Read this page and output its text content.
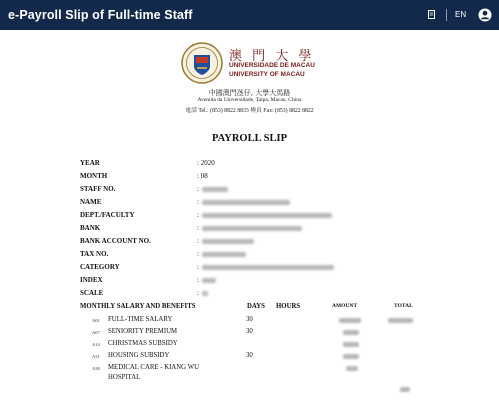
e-Payroll Slip of Full-time Staff	EN
澳 門 大 學
UNIVERSIDADE DE MACAU
UNIVERSITY OF MACAU
中國澳門氹仔, 大學大馬路
Avenida da Universidade, Taipa, Macau, China
電話 Tel.: (853) 8822 8833 傳真 Fax: (853) 8822 8822
PAYROLL SLIP
YEAR	: 2020
MONTH	: 08
STAFF NO.	:
NAME	:
DEPT./FACULTY	:
BANK	:
BANK ACCOUNT NO.	:
TAX NO.	:
CATEGORY	:
INDEX	:
SCALE	:
MONTHLY SALARY AND BENEFITS	DAYS HOURS	AMOUNT	TOTAL
A01 FULL-TIME SALARY	30
A07 SENIORITY PREMIUM	30
A14 CHRISTMAS SUBSIDY
A31 HOUSING SUBSIDY	30
A38 MEDICAL CARE - KIANG WU
HOSPITAL
